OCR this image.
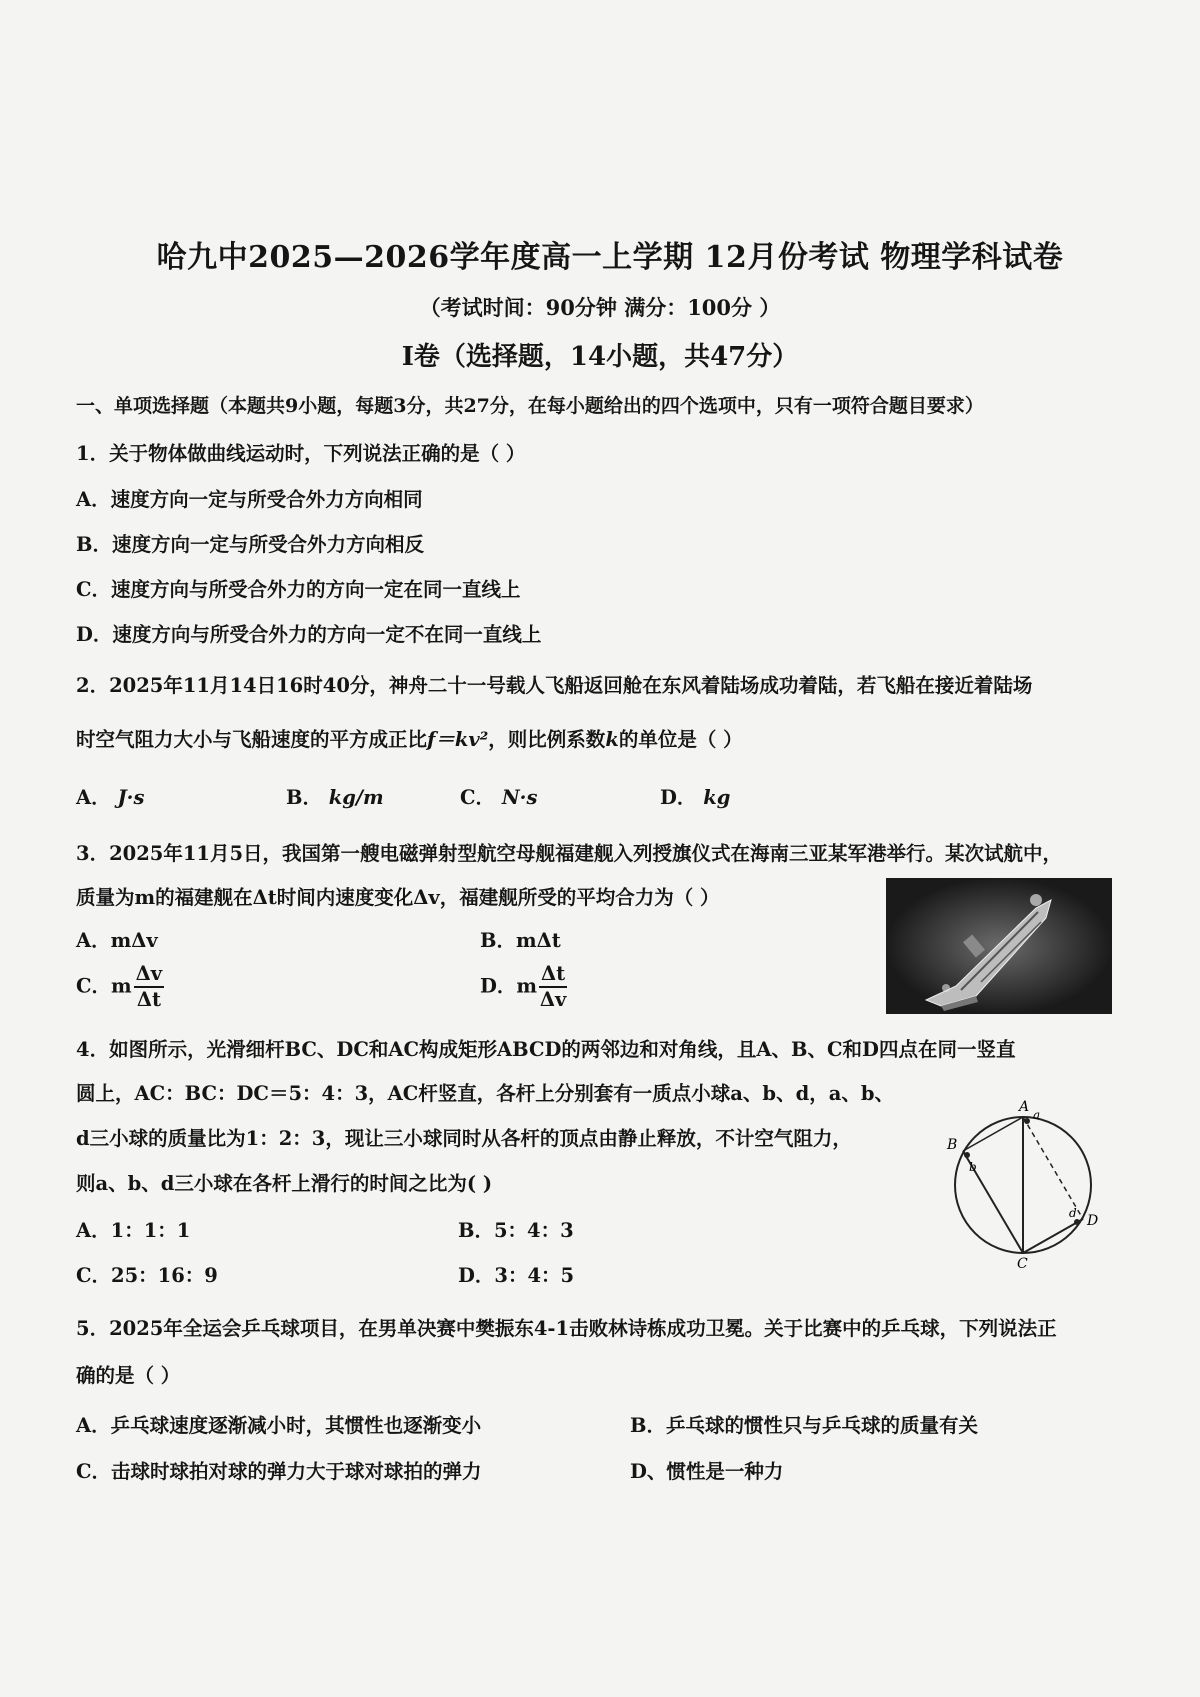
哈九中2025—2026学年度高一上学期 12月份考试 物理学科试卷
（考试时间：90分钟 满分：100分 ）
I卷（选择题，14小题，共47分）
一、单项选择题（本题共9小题，每题3分，共27分，在每小题给出的四个选项中，只有一项符合题目要求）
1．关于物体做曲线运动时，下列说法正确的是（ ）
A．速度方向一定与所受合外力方向相同
B．速度方向一定与所受合外力方向相反
C．速度方向与所受合外力的方向一定在同一直线上
D．速度方向与所受合外力的方向一定不在同一直线上
2．2025年11月14日16时40分，神舟二十一号载人飞船返回舱在东风着陆场成功着陆，若飞船在接近着陆场
时空气阻力大小与飞船速度的平方成正比f＝kv²，则比例系数k的单位是（ ）
A． J·s	B． kg/m	C． N·s	D． kg
3．2025年11月5日，我国第一艘电磁弹射型航空母舰福建舰入列授旗仪式在海南三亚某军港举行。某次试航中，
质量为m的福建舰在Δt时间内速度变化Δv，福建舰所受的平均合力为（ ）
A．mΔv	B．mΔt
C．m $\frac{\Delta v}{\Delta t}$	D．m $\frac{\Delta t}{\Delta v}$
4．如图所示，光滑细杆BC、DC和AC构成矩形ABCD的两邻边和对角线，且A、B、C和D四点在同一竖直
圆上，AC：BC：DC＝5：4：3，AC杆竖直，各杆上分别套有一质点小球a、b、d，a、b、
d三小球的质量比为1：2：3，现让三小球同时从各杆的顶点由静止释放，不计空气阻力，
则a、b、d三小球在各杆上滑行的时间之比为( )
A．1：1：1	B．5：4：3
C．25：16：9	D．3：4：5
A a
B
b
D
d
C
5．2025年全运会乒乓球项目，在男单决赛中樊振东4-1击败林诗栋成功卫冕。关于比赛中的乒乓球，下列说法正
确的是（ ）
A．乒乓球速度逐渐减小时，其惯性也逐渐变小	B．乒乓球的惯性只与乒乓球的质量有关
C．击球时球拍对球的弹力大于球对球拍的弹力	D、惯性是一种力
